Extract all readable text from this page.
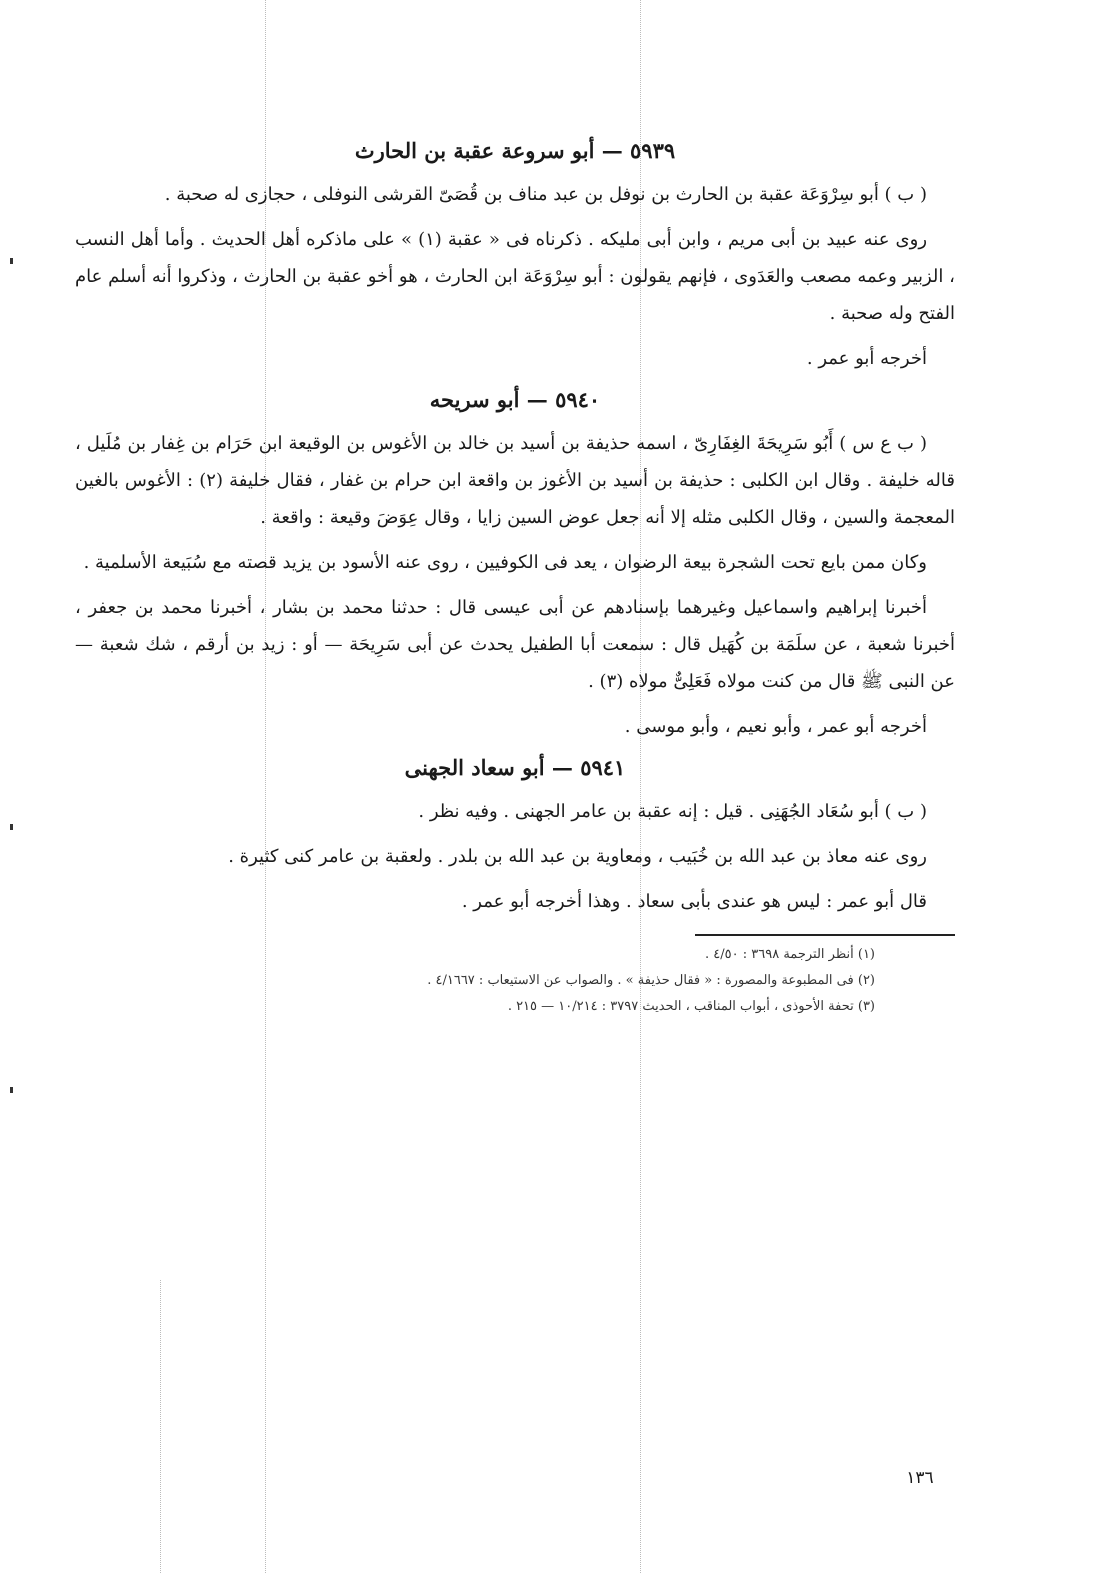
٥٩٣٩ — أبو سروعة عقبة بن الحارث

( ب ) أبو سِرْوَعَة عقبة بن الحارث بن نوفل بن عبد مناف بن قُصَىّ القرشى النوفلى ، حجازى له صحبة .

روى عنه عبيد بن أبى مريم ، وابن أبى مليكه . ذكرناه فى « عقبة (١) » على ماذكره أهل الحديث . وأما أهل النسب ، الزبير وعمه مصعب والعَدَوى ، فإنهم يقولون : أبو سِرْوَعَة ابن الحارث ، هو أخو عقبة بن الحارث ، وذكروا أنه أسلم عام الفتح وله صحبة .

أخرجه أبو عمر .

٥٩٤٠ — أبو سريحه

( ب ع س ) أَبُو سَرِيحَةَ الغِفَارِىّ ، اسمه حذيفة بن أسيد بن خالد بن الأغوس بن الوقيعة ابن حَرَام بن غِفار بن مُلَيل ، قاله خليفة . وقال ابن الكلبى : حذيفة بن أسيد بن الأغوز بن واقعة ابن حرام بن غفار ، فقال خليفة (٢) : الأغوس بالغين المعجمة والسين ، وقال الكلبى مثله إلا أنه جعل عوض السين زايا ، وقال عِوَضَ وقيعة : واقعة .

وكان ممن بايع تحت الشجرة بيعة الرضوان ، يعد فى الكوفيين ، روى عنه الأسود بن يزيد قصته مع سُبَيعة الأسلمية .

أخبرنا إبراهيم واسماعيل وغيرهما بإسنادهم عن أبى عيسى قال : حدثنا محمد بن بشار ، أخبرنا محمد بن جعفر ، أخبرنا شعبة ، عن سلَمَة بن كُهَيل قال : سمعت أبا الطفيل يحدث عن أبى سَرِيحَة — أو : زيد بن أرقم ، شك شعبة — عن النبى ﷺ قال من كنت مولاه فَعَلِىٌّ مولاه (٣) .

أخرجه أبو عمر ، وأبو نعيم ، وأبو موسى .

٥٩٤١ — أبو سعاد الجهنى

( ب ) أبو سُعَاد الجُهَنِى . قيل : إنه عقبة بن عامر الجهنى . وفيه نظر .

روى عنه معاذ بن عبد الله بن خُبَيب ، ومعاوية بن عبد الله بن بلدر . ولعقبة بن عامر كنى كثيرة .

قال أبو عمر : ليس هو عندى بأبى سعاد . وهذا أخرجه أبو عمر .

(١) أنظر الترجمة ٣٦٩٨ : ٤/٥٠ .
(٢) فى المطبوعة والمصورة : « فقال حذيفة » . والصواب عن الاستيعاب : ٤/١٦٦٧ .
(٣) تحفة الأحوذى ، أبواب المناقب ، الحديث ٣٧٩٧ : ١٠/٢١٤ — ٢١٥ .
١٣٦
